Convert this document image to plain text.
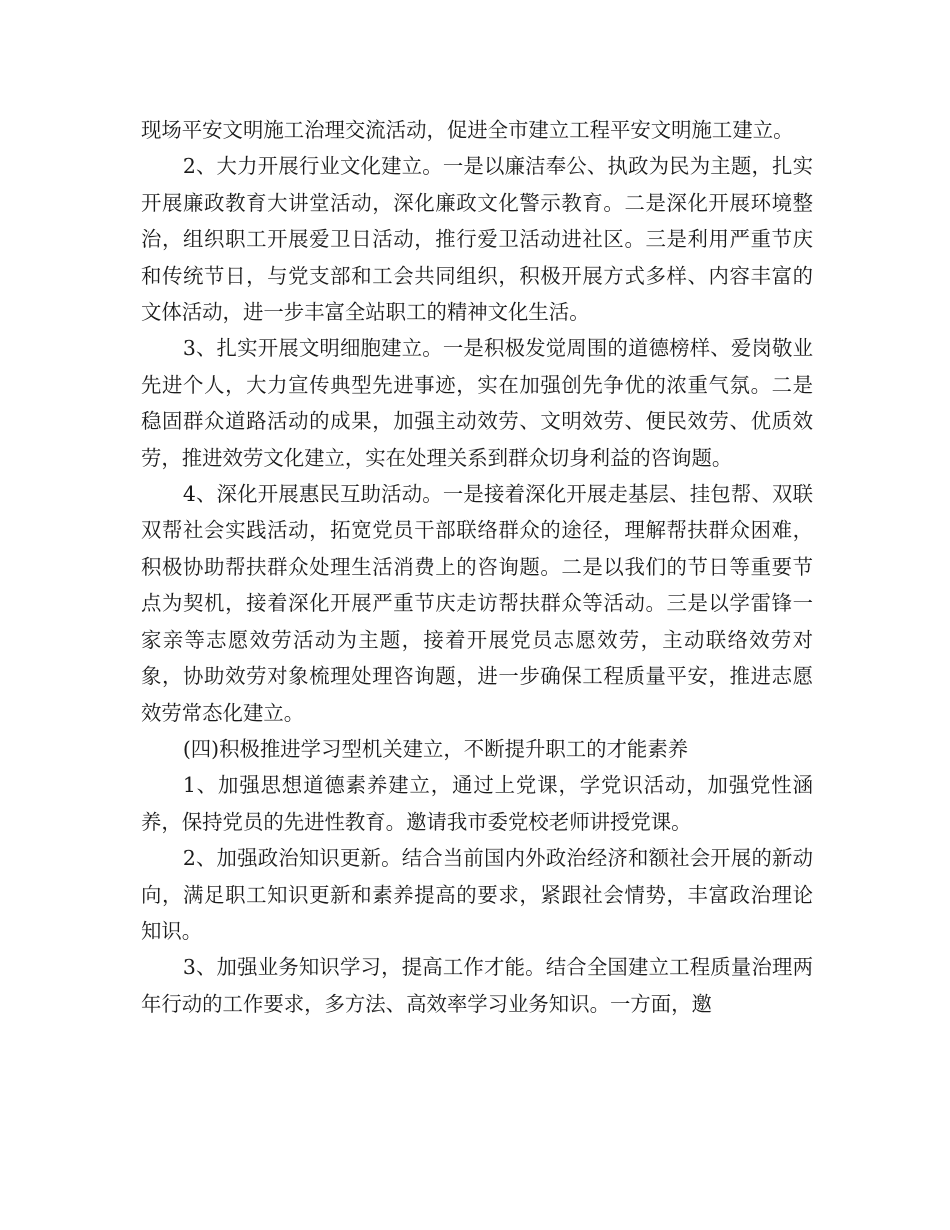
现场平安文明施工治理交流活动，促进全市建立工程平安文明施工建立。

2、大力开展行业文化建立。一是以廉洁奉公、执政为民为主题，扎实开展廉政教育大讲堂活动，深化廉政文化警示教育。二是深化开展环境整治，组织职工开展爱卫日活动，推行爱卫活动进社区。三是利用严重节庆和传统节日，与党支部和工会共同组织，积极开展方式多样、内容丰富的文体活动，进一步丰富全站职工的精神文化生活。

3、扎实开展文明细胞建立。一是积极发觉周围的道德榜样、爱岗敬业先进个人，大力宣传典型先进事迹，实在加强创先争优的浓重气氛。二是稳固群众道路活动的成果，加强主动效劳、文明效劳、便民效劳、优质效劳，推进效劳文化建立，实在处理关系到群众切身利益的咨询题。

4、深化开展惠民互助活动。一是接着深化开展走基层、挂包帮、双联双帮社会实践活动，拓宽党员干部联络群众的途径，理解帮扶群众困难，积极协助帮扶群众处理生活消费上的咨询题。二是以我们的节日等重要节点为契机，接着深化开展严重节庆走访帮扶群众等活动。三是以学雷锋一家亲等志愿效劳活动为主题，接着开展党员志愿效劳，主动联络效劳对象，协助效劳对象梳理处理咨询题，进一步确保工程质量平安，推进志愿效劳常态化建立。

(四)积极推进学习型机关建立，不断提升职工的才能素养

1、加强思想道德素养建立，通过上党课，学党识活动，加强党性涵养，保持党员的先进性教育。邀请我市委党校老师讲授党课。

2、加强政治知识更新。结合当前国内外政治经济和额社会开展的新动向，满足职工知识更新和素养提高的要求，紧跟社会情势，丰富政治理论知识。

3、加强业务知识学习，提高工作才能。结合全国建立工程质量治理两年行动的工作要求，多方法、高效率学习业务知识。一方面，邀
